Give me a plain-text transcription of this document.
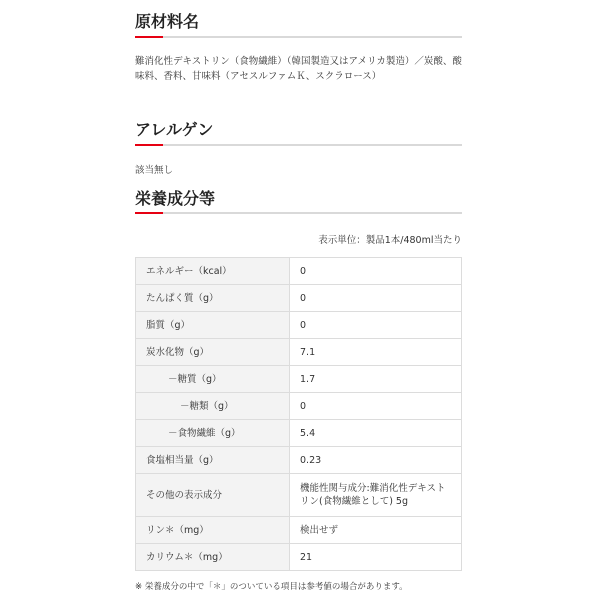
原材料名

難消化性デキストリン（食物繊維）（韓国製造又はアメリカ製造）／炭酸、酸味料、香料、甘味料（アセスルファムＫ、スクラロース）

アレルゲン

該当無し

栄養成分等

表示単位：製品1本/480ml当たり

エネルギー（kcal）	0
たんぱく質（g）	0
脂質（g）	0
炭水化物（g）	7.1
－糖質（g）	1.7
－糖類（g）	0
－食物繊維（g）	5.4
食塩相当量（g）	0.23
その他の表示成分	機能性関与成分:難消化性デキストリン(食物繊維として) 5g
リン＊（mg）	検出せず
カリウム＊（mg）	21

※ 栄養成分の中で「＊」のついている項目は参考値の場合があります。
